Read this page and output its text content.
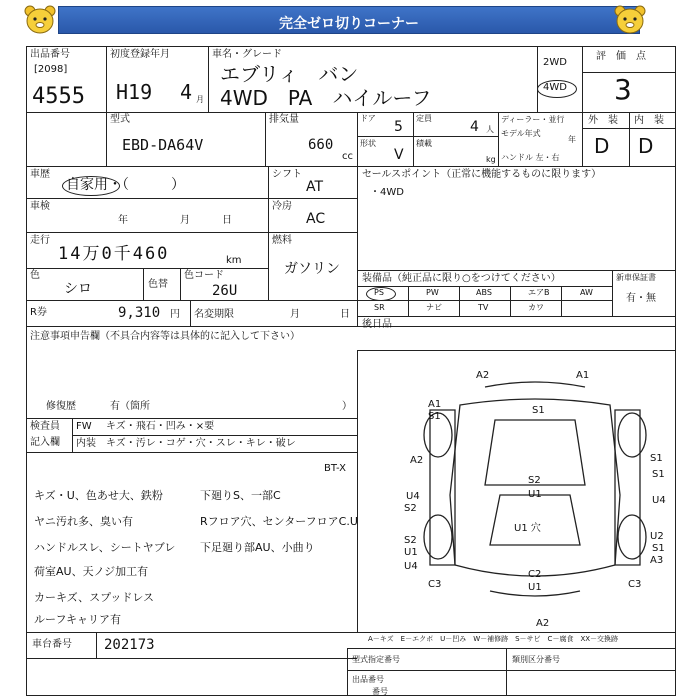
完全ゼロ切りコーナー
出品番号
[2098]
4555
初度登録年月
H19 4 月
車名・グレード
エブリィ　バン
4WD　PA　ハイルーフ
2WD
4WD
評　価　点
3
外　装 内　装
D D
型式
EBD-DA64V
排気量
660
cc
ドア
5
定員
4 人
形状
V
積載
kg
ディーラー・並行
モデル年式
年
ハンドル 左・右
車歴
自家用・（　　　）
車検
年	月	日
走行
14万0千460	km
色
シロ	色替
色コード
26U
シフト
AT
冷房
AC
燃料
ガソリン
R券	9,310 円 名変期限	月	日
注意事項申告欄（不具合内容等は具体的に記入して下さい）
修復歴	有（箇所	）
検査員
記入欄
FW キズ・飛石・凹み・×要
内装 キズ・汚レ・コゲ・穴・スレ・キレ・破レ
セールスポイント（正常に機能するものに限ります）
・4WD
装備品（純正品に限り○をつけてください）	新車保証書
有・無
PS	PW	ABS	エアB	AW
SR	ナビ	TV	カワ
後日品
BT-X
キズ・U、色あせ大、鉄粉
ヤニ汚れ多、臭い有
ハンドルスレ、シートヤブレ
荷室AU、天ノジ加工有
カーキズ、スプッドレス
ルーフキャリア有
下廻りS、一部C
Rフロア穴、センターフロアC.U
下足廻り部AU、小曲り
A2	A1
A1
S1
S1
S2
U1
S1
A2
S1
U4
S2
U4
S2
U1
U1 穴
U2
S1
A3
U4
C2
U1
C3	C3
A2
A－キズ　E－エクボ　U－凹み　W－補修跡　S－サビ　C－腐食　XX－交換跡
車台番号 202173
型式指定番号	類別区分番号
出品番号
番号
